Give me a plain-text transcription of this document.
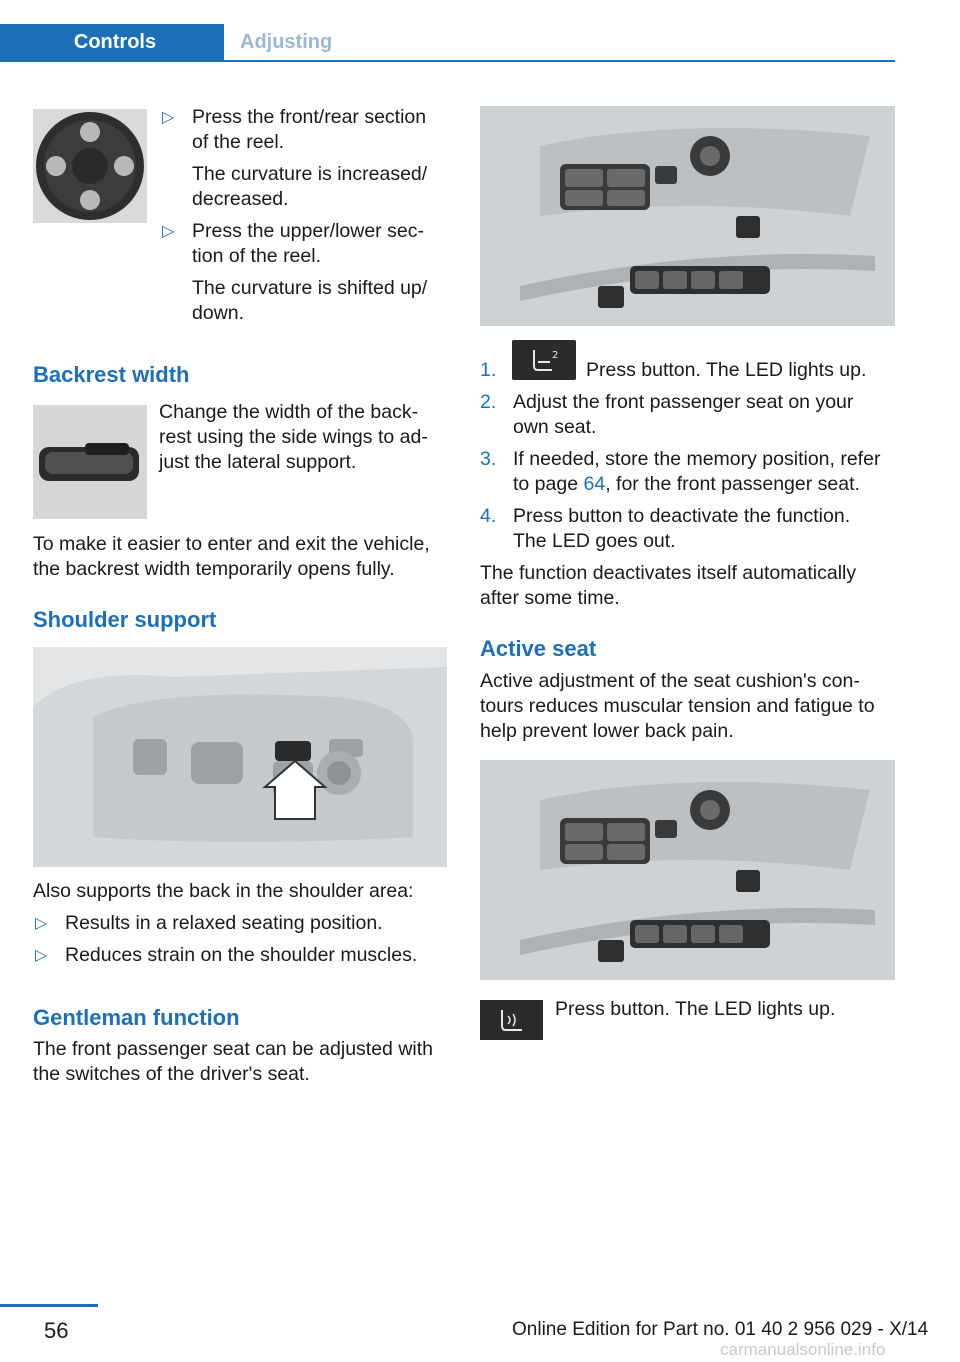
Controls	Adjusting
▷ Press the front/rear section of the reel.
The curvature is increased/ decreased.
▷ Press the upper/lower sec‐ tion of the reel.
The curvature is shifted up/ down.
Backrest width
Change the width of the back‐ rest using the side wings to ad‐ just the lateral support.
To make it easier to enter and exit the vehicle, the backrest width temporarily opens fully.
Shoulder support
Also supports the back in the shoulder area:
▷ Results in a relaxed seating position.
▷ Reduces strain on the shoulder muscles.
Gentleman function
The front passenger seat can be adjusted with the switches of the driver's seat.
1.
2
Press button. The LED lights up.
2. Adjust the front passenger seat on your own seat.
3. If needed, store the memory position, refer to page 64, for the front passenger seat.
4. Press button to deactivate the function. The LED goes out.
The function deactivates itself automatically after some time.
Active seat
Active adjustment of the seat cushion's con‐ tours reduces muscular tension and fatigue to help prevent lower back pain.
Press button. The LED lights up.
56	Online Edition for Part no. 01 40 2 956 029 - X/14
carmanualsonline.info
